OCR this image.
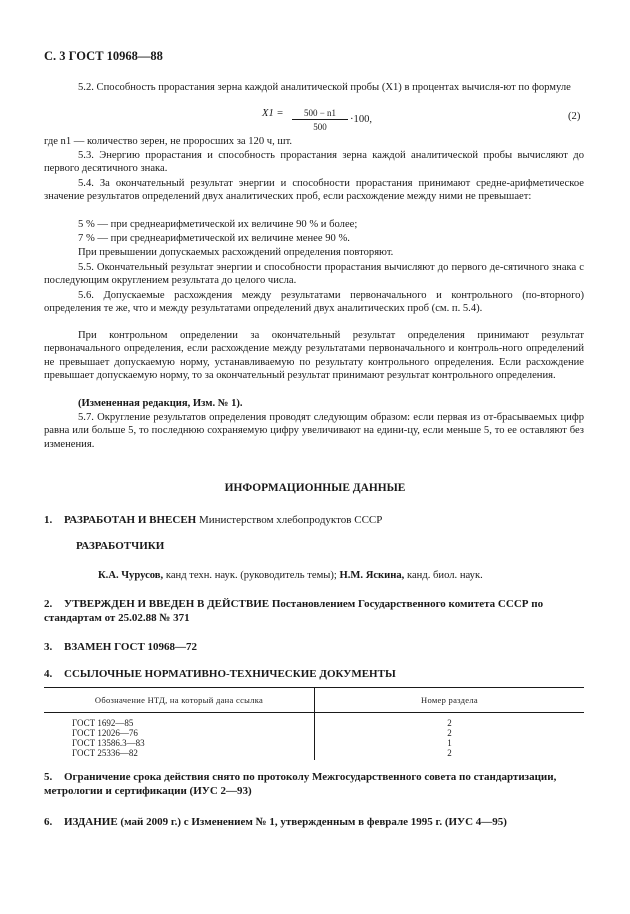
С. 3 ГОСТ 10968—88
5.2. Способность прорастания зерна каждой аналитической пробы (X1) в процентах вычисля-ют по формуле
$X1 = \frac{500 - n1}{500} \cdot 100$,	(2)
где n1 — количество зерен, не проросших за 120 ч, шт.
5.3. Энергию прорастания и способность прорастания зерна каждой аналитической пробы вычисляют до первого десятичного знака.
5.4. За окончательный результат энергии и способности прорастания принимают средне-арифметическое значение результатов определений двух аналитических проб, если расхождение между ними не превышает:
5 % — при среднеарифметической их величине 90 % и более;
7 % — при среднеарифметической их величине менее 90 %.
При превышении допускаемых расхождений определения повторяют.
5.5. Окончательный результат энергии и способности прорастания вычисляют до первого де-сятичного знака с последующим округлением результата до целого числа.
5.6. Допускаемые расхождения между результатами первоначального и контрольного (по-вторного) определения те же, что и между результатами определений двух аналитических проб (см. п. 5.4).
При контрольном определении за окончательный результат определения принимают результат первоначального определения, если расхождение между результатами первоначального и контроль-ного определений не превышает допускаемую норму, устанавливаемую по результату контрольного определения. Если расхождение превышает допускаемую норму, то за окончательный результат принимают результат контрольного определения.
(Измененная редакция, Изм. № 1).
5.7. Округление результатов определения проводят следующим образом: если первая из от-брасываемых цифр равна или больше 5, то последнюю сохраняемую цифру увеличивают на едини-цу, если меньше 5, то ее оставляют без изменения.
ИНФОРМАЦИОННЫЕ ДАННЫЕ
1. РАЗРАБОТАН И ВНЕСЕН Министерством хлебопродуктов СССР
РАЗРАБОТЧИКИ
К.А. Чурусов, канд техн. наук. (руководитель темы); Н.М. Яскина, канд. биол. наук.
2. УТВЕРЖДЕН И ВВЕДЕН В ДЕЙСТВИЕ Постановлением Государственного комитета СССР по стандартам от 25.02.88 № 371
3. ВЗАМЕН ГОСТ 10968—72
4. ССЫЛОЧНЫЕ НОРМАТИВНО-ТЕХНИЧЕСКИЕ ДОКУМЕНТЫ
Обозначение НТД, на который дана ссылка	Номер раздела
ГОСТ 1692—85	2
ГОСТ 12026—76	2
ГОСТ 13586.3—83	1
ГОСТ 25336—82	2
5. Ограничение срока действия снято по протоколу Межгосударственного совета по стандартизации, метрологии и сертификации (ИУС 2—93)
6. ИЗДАНИЕ (май 2009 г.) с Изменением № 1, утвержденным в феврале 1995 г. (ИУС 4—95)
